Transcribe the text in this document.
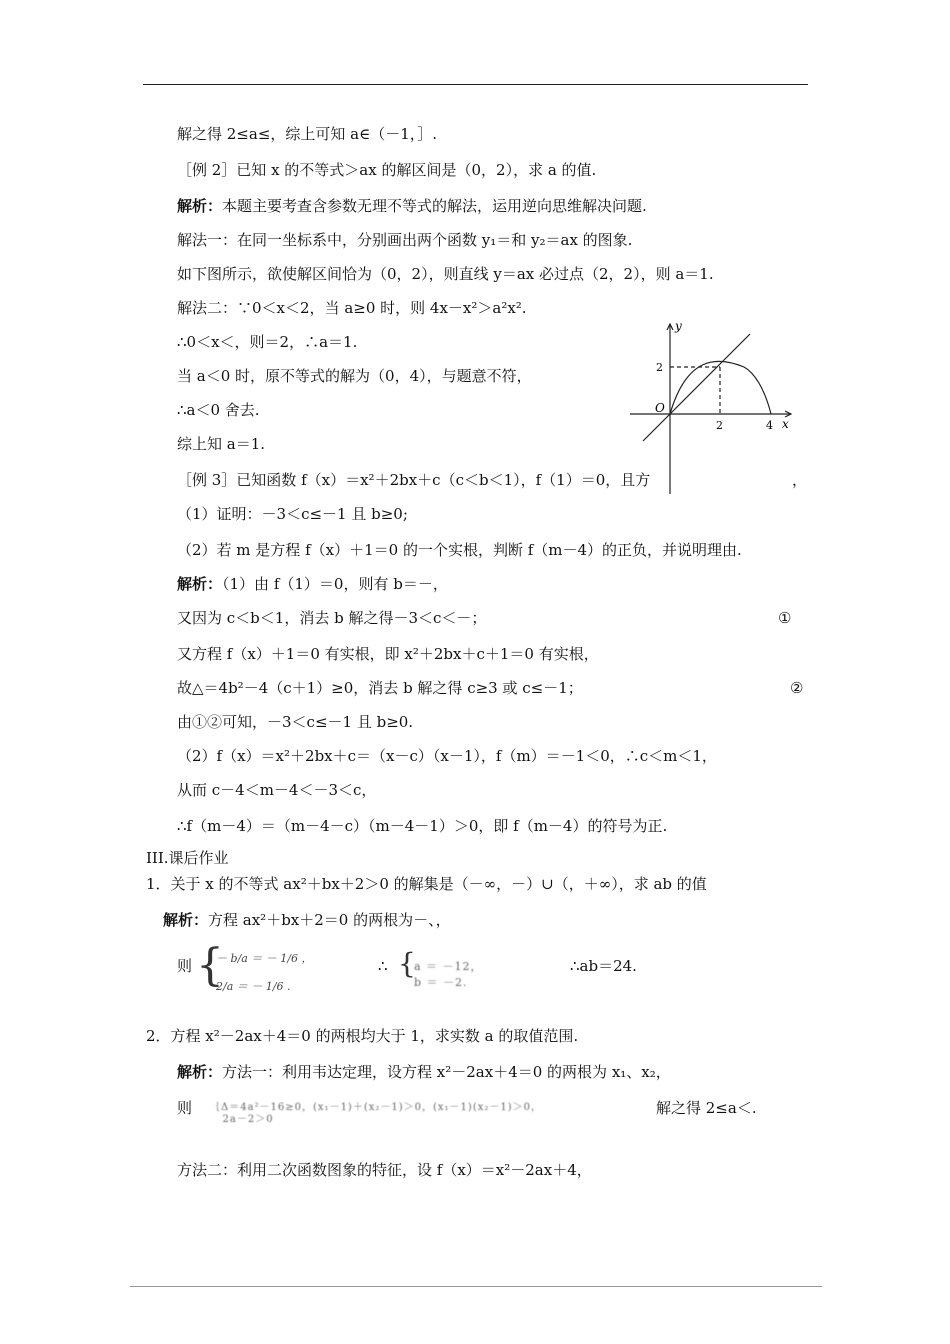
解之得 2≤a≤，综上可知 a∈（－1，］.
［例 2］已知 x 的不等式＞ax 的解区间是（0，2），求 a 的值.
解析：本题主要考查含参数无理不等式的解法，运用逆向思维解决问题.
解法一：在同一坐标系中，分别画出两个函数 y₁＝和 y₂＝ax 的图象.
如下图所示，欲使解区间恰为（0，2），则直线 y＝ax 必过点（2，2），则 a＝1.
解法二：∵0＜x＜2，当 a≥0 时，则 4x－x²＞a²x².
∴0＜x＜，则＝2，∴a＝1.
当 a＜0 时，原不等式的解为（0，4），与题意不符，
∴a＜0 舍去.
综上知 a＝1.
［例 3］已知函数 f（x）＝x²＋2bx＋c（c＜b＜1），f（1）＝0，且方	，
y
x
O
2	4
2
（1）证明：－3＜c≤－1 且 b≥0;
（2）若 m 是方程 f（x）＋1＝0 的一个实根，判断 f（m－4）的正负，并说明理由.
解析：（1）由 f（1）＝0，则有 b＝－，
又因为 c＜b＜1，消去 b 解之得－3＜c＜－；	①
又方程 f（x）＋1＝0 有实根，即 x²＋2bx＋c＋1＝0 有实根，
故△＝4b²－4（c＋1）≥0，消去 b 解之得 c≥3 或 c≤－1；	②
由①②可知，－3＜c≤－1 且 b≥0.
（2）f（x）＝x²＋2bx＋c＝（x－c）（x－1），f（m）＝－1＜0，∴c＜m＜1，
从而 c－4＜m－4＜－3＜c，
∴f（m－4）＝（m－4－c）（m－4－1）＞0，即 f（m－4）的符号为正.
III.课后作业
1．关于 x 的不等式 ax²＋bx＋2＞0 的解集是（－∞，－）∪（，＋∞），求 ab 的值
解析：方程 ax²＋bx＋2＝0 的两根为－、，
则 {
－ b/a ＝ － 1/6 ，
2/a ＝ － 1/6 .
∴ {
a ＝ －12，
b ＝ －2.
∴ab＝24.
2．方程 x²－2ax＋4＝0 的两根均大于 1，求实数 a 的取值范围.
解析：方法一：利用韦达定理，设方程 x²－2ax＋4＝0 的两根为 x₁、x₂，
则 ｛Δ＝4a²－16≥0，(x₁－1)＋(x₂－1)＞0，(x₁－1)(x₂－1)＞0，
2a－2＞0
解之得 2≤a＜.
方法二：利用二次函数图象的特征，设 f（x）＝x²－2ax＋4，
